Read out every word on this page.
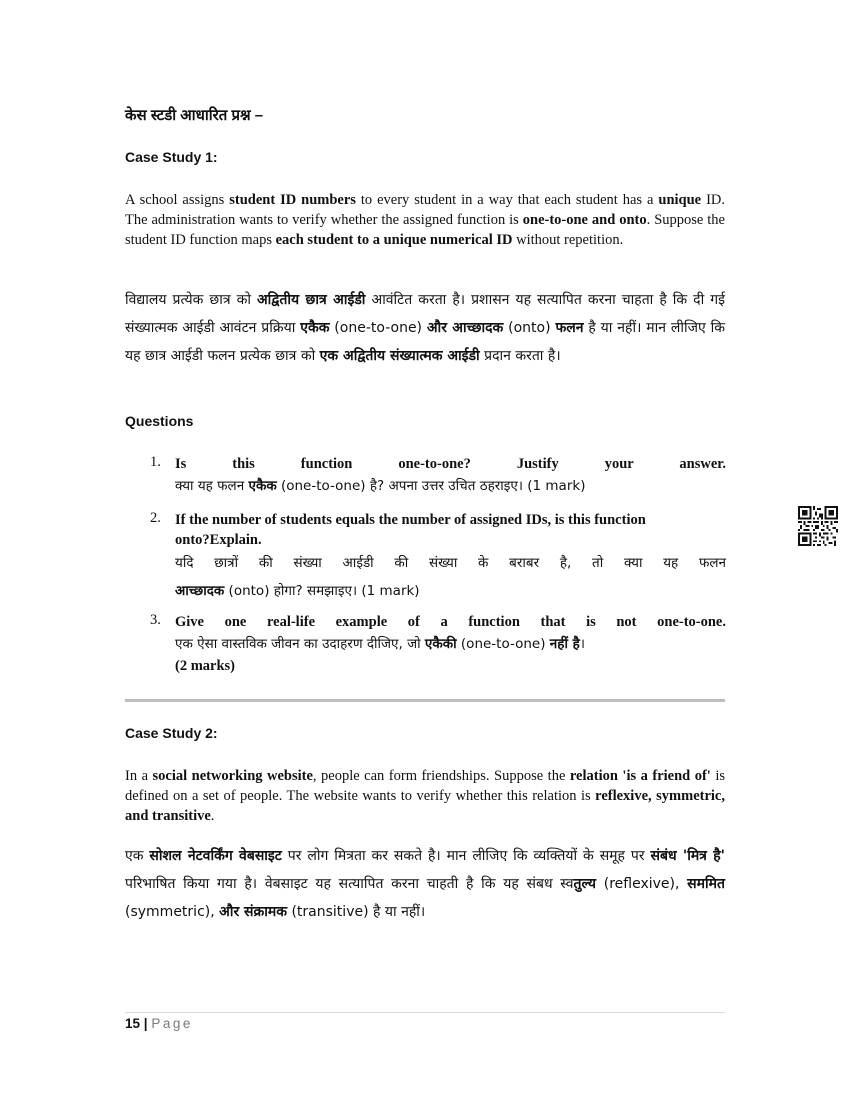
केस स्टडी आधारित प्रश्न –
Case Study 1:
A school assigns student ID numbers to every student in a way that each student has a unique ID. The administration wants to verify whether the assigned function is one-to-one and onto. Suppose the student ID function maps each student to a unique numerical ID without repetition.
विद्यालय प्रत्येक छात्र को अद्वितीय छात्र आईडी आवंटित करता है। प्रशासन यह सत्यापित करना चाहता है कि दी गई संख्यात्मक आईडी आवंटन प्रक्रिया एकैक (one-to-one) और आच्छादक (onto) फलन है या नहीं। मान लीजिए कि यह छात्र आईडी फलन प्रत्येक छात्र को एक अद्वितीय संख्यात्मक आईडी प्रदान करता है।
Questions
1. Is this function one-to-one? Justify your answer.
क्या यह फलन एकैक (one-to-one) है? अपना उत्तर उचित ठहराइए। (1 mark)
2. If the number of students equals the number of assigned IDs, is this function
onto?Explain.
यदि छात्रों की संख्या आईडी की संख्या के बराबर है, तो क्या यह फलन
आच्छादक (onto) होगा? समझाइए। (1 mark)
3. Give one real-life example of a function that is not one-to-one.
एक ऐसा वास्तविक जीवन का उदाहरण दीजिए, जो एकैकी (one-to-one) नहीं है।
(2 marks)
Case Study 2:
In a social networking website, people can form friendships. Suppose the relation 'is a friend of' is defined on a set of people. The website wants to verify whether this relation is reflexive, symmetric, and transitive.
एक सोशल नेटवर्किंग वेबसाइट पर लोग मित्रता कर सकते है। मान लीजिए कि व्यक्तियों के समूह पर संबंध 'मित्र है' परिभाषित किया गया है। वेबसाइट यह सत्यापित करना चाहती है कि यह संबध स्वतुल्य (reflexive), सममित (symmetric), और संक्रामक (transitive) है या नहीं।
15 | Page
